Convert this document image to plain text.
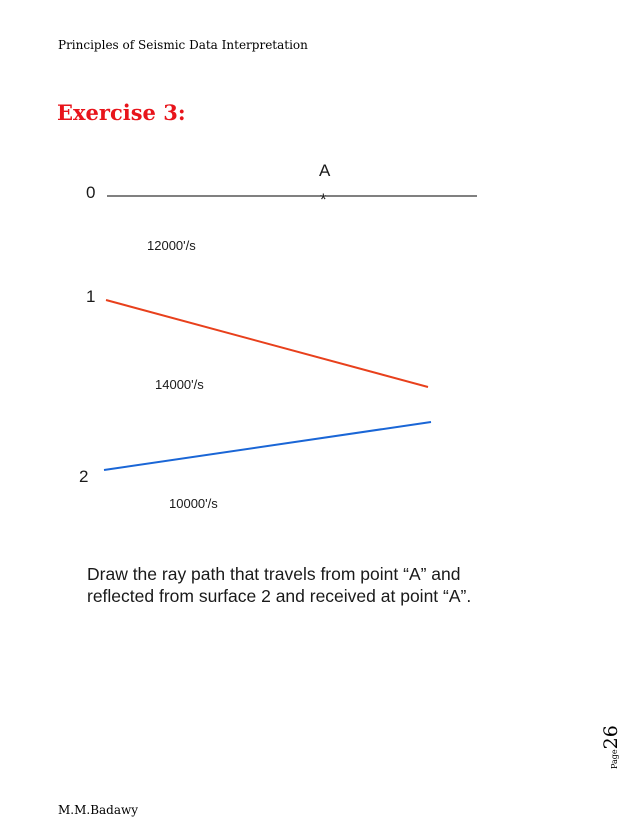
Principles of Seismic Data Interpretation
Exercise 3:
0
A
*
12000'/s
1
14000'/s
2
10000'/s
Draw the ray path that travels from point “A” and
reflected from surface 2 and received at point “A”.
Page
26
M.M.Badawy
